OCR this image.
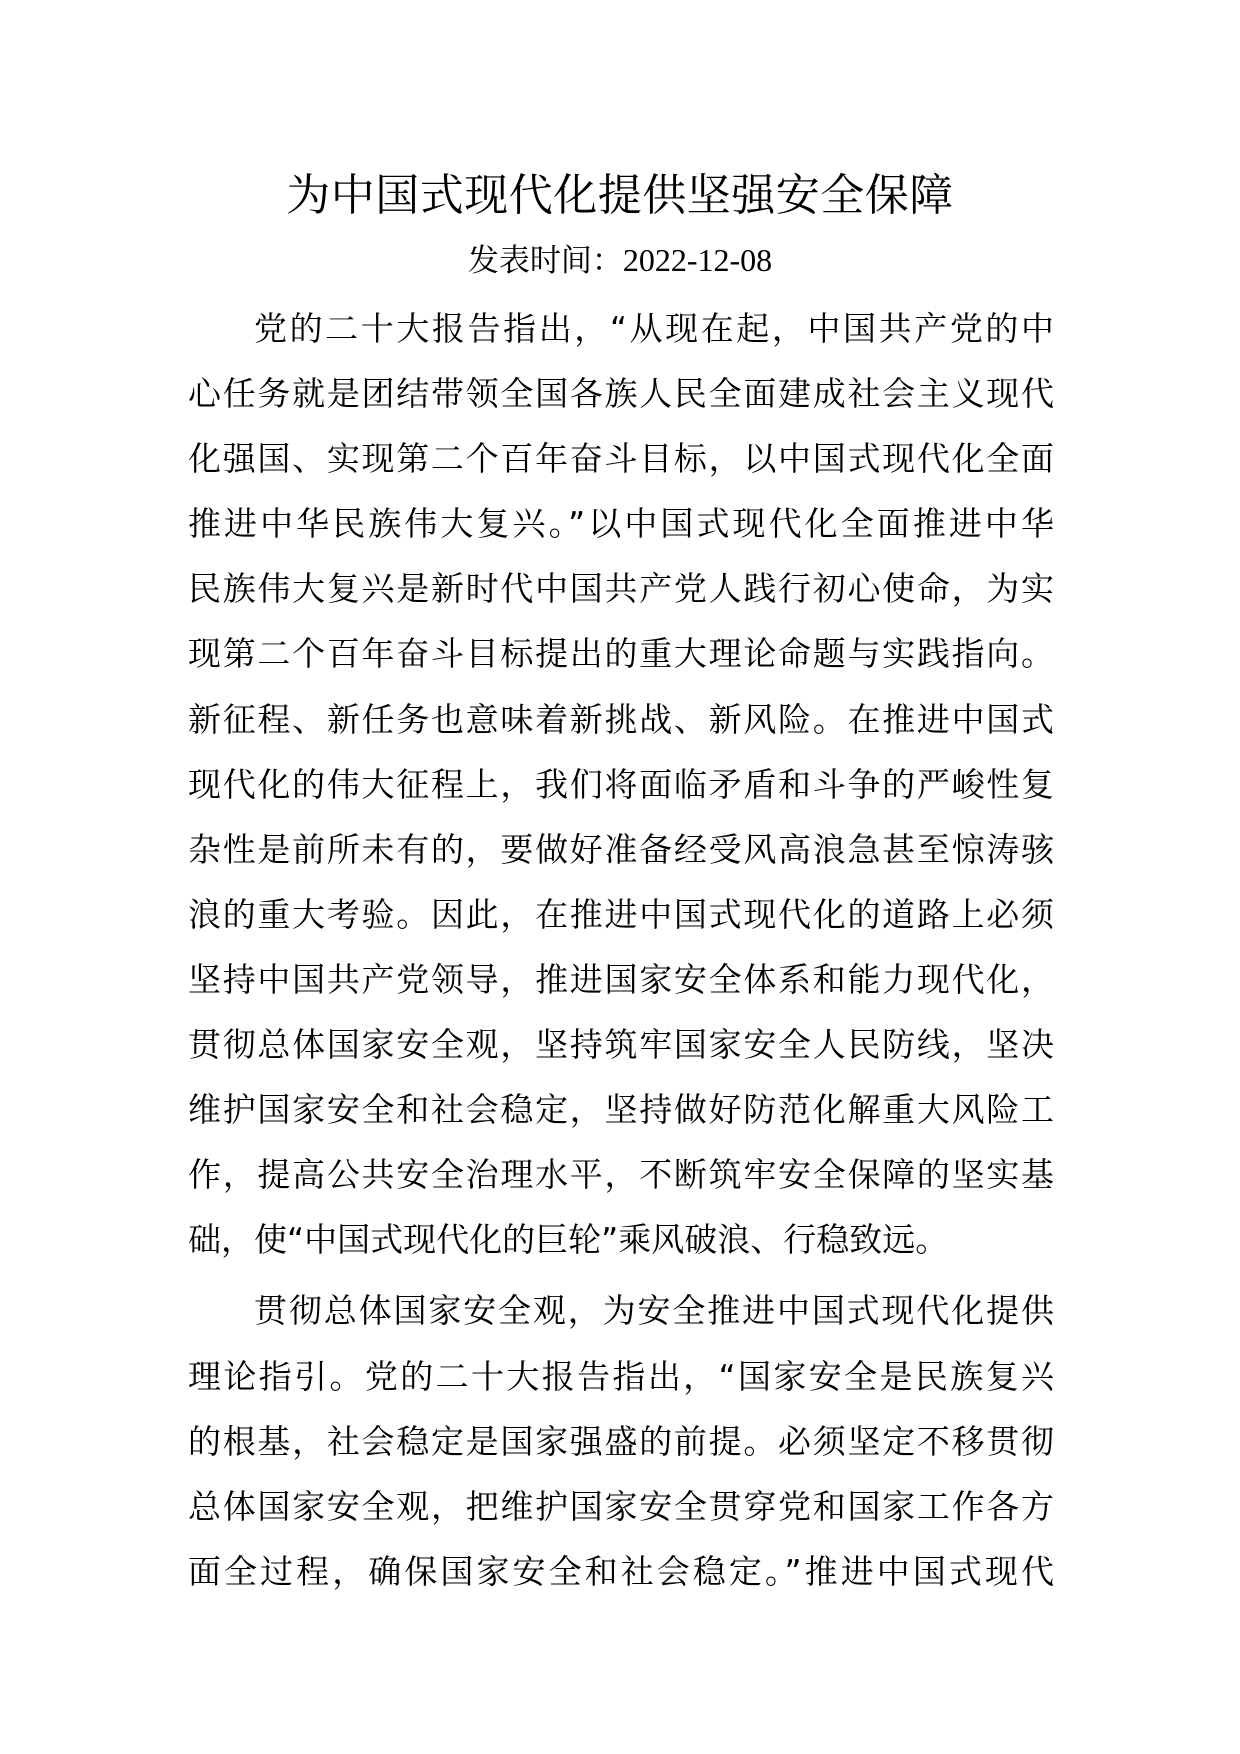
为中国式现代化提供坚强安全保障
发表时间：2022-12-08
党的二十大报告指出，“从现在起，中国共产党的中
心任务就是团结带领全国各族人民全面建成社会主义现代
化强国、实现第二个百年奋斗目标，以中国式现代化全面
推进中华民族伟大复兴。”以中国式现代化全面推进中华
民族伟大复兴是新时代中国共产党人践行初心使命，为实
现第二个百年奋斗目标提出的重大理论命题与实践指向。
新征程、新任务也意味着新挑战、新风险。在推进中国式
现代化的伟大征程上，我们将面临矛盾和斗争的严峻性复
杂性是前所未有的，要做好准备经受风高浪急甚至惊涛骇
浪的重大考验。因此，在推进中国式现代化的道路上必须
坚持中国共产党领导，推进国家安全体系和能力现代化，
贯彻总体国家安全观，坚持筑牢国家安全人民防线，坚决
维护国家安全和社会稳定，坚持做好防范化解重大风险工
作，提高公共安全治理水平，不断筑牢安全保障的坚实基
础，使“中国式现代化的巨轮”乘风破浪、行稳致远。
贯彻总体国家安全观，为安全推进中国式现代化提供
理论指引。党的二十大报告指出，“国家安全是民族复兴
的根基，社会稳定是国家强盛的前提。必须坚定不移贯彻
总体国家安全观，把维护国家安全贯穿党和国家工作各方
面全过程，确保国家安全和社会稳定。”推进中国式现代
